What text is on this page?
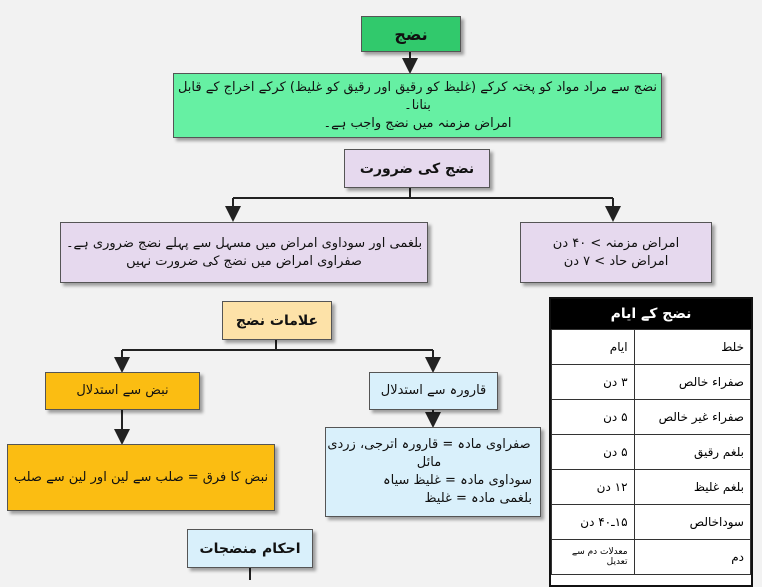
نضج
نضج سے مراد مواد کو پختہ کرکے (غلیظ کو رقیق اور رقیق کو غلیظ) کرکے اخراج کے قابل بنانا۔
امراض مزمنہ میں نضج واجب ہے۔
نضج کی ضرورت
بلغمی اور سوداوی امراض میں مسہل سے پہلے نضج ضروری ہے۔
صفراوی امراض میں نضج کی ضرورت نہیں
امراض مزمنہ > ۴۰ دن
امراض حاد > ۷ دن
علامات نضج
نبض سے استدلال	قارورہ سے استدلال
نبض کا فرق = صلب سے لین اور لین سے صلب
صفراوی مادہ = قارورہ اترجی، زردی مائل
سوداوی مادہ = غلیظ سیاہ
بلغمی مادہ = غلیظ
احکام منضجات
نضج کے ایام
خلط	ایام
صفراء خالص	۳ دن
صفراء غیر خالص	۵ دن
بلغم رقیق	۵ دن
بلغم غلیظ	۱۲ دن
سوداخالص	۱۵ـ۴۰ دن
دم	معدلات دم سے تعدیل
